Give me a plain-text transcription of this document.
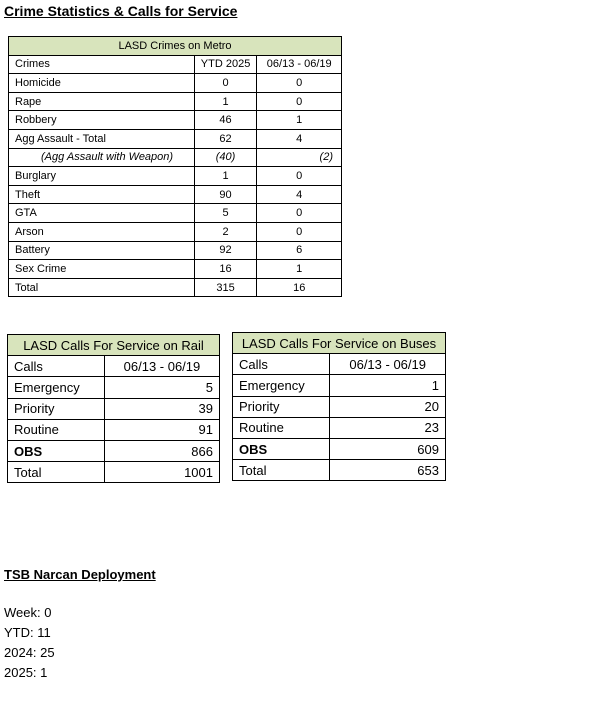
Crime Statistics & Calls for Service
LASD Crimes on Metro		
Crimes	YTD 2025	06/13 - 06/19
Homicide	0	0
Rape	1	0
Robbery	46	1
Agg Assault - Total	62	4
(Agg Assault with Weapon)	(40)	(2)
Burglary	1	0
Theft	90	4
GTA	5	0
Arson	2	0
Battery	92	6
Sex Crime	16	1
Total	315	16
LASD Calls For Service on Rail	
Calls	06/13 - 06/19
Emergency	5
Priority	39
Routine	91
OBS	866
Total	1001
LASD Calls For Service on Buses	
Calls	06/13 - 06/19
Emergency	1
Priority	20
Routine	23
OBS	609
Total	653
TSB Narcan Deployment
Week: 0
YTD: 11
2024: 25
2025: 1
